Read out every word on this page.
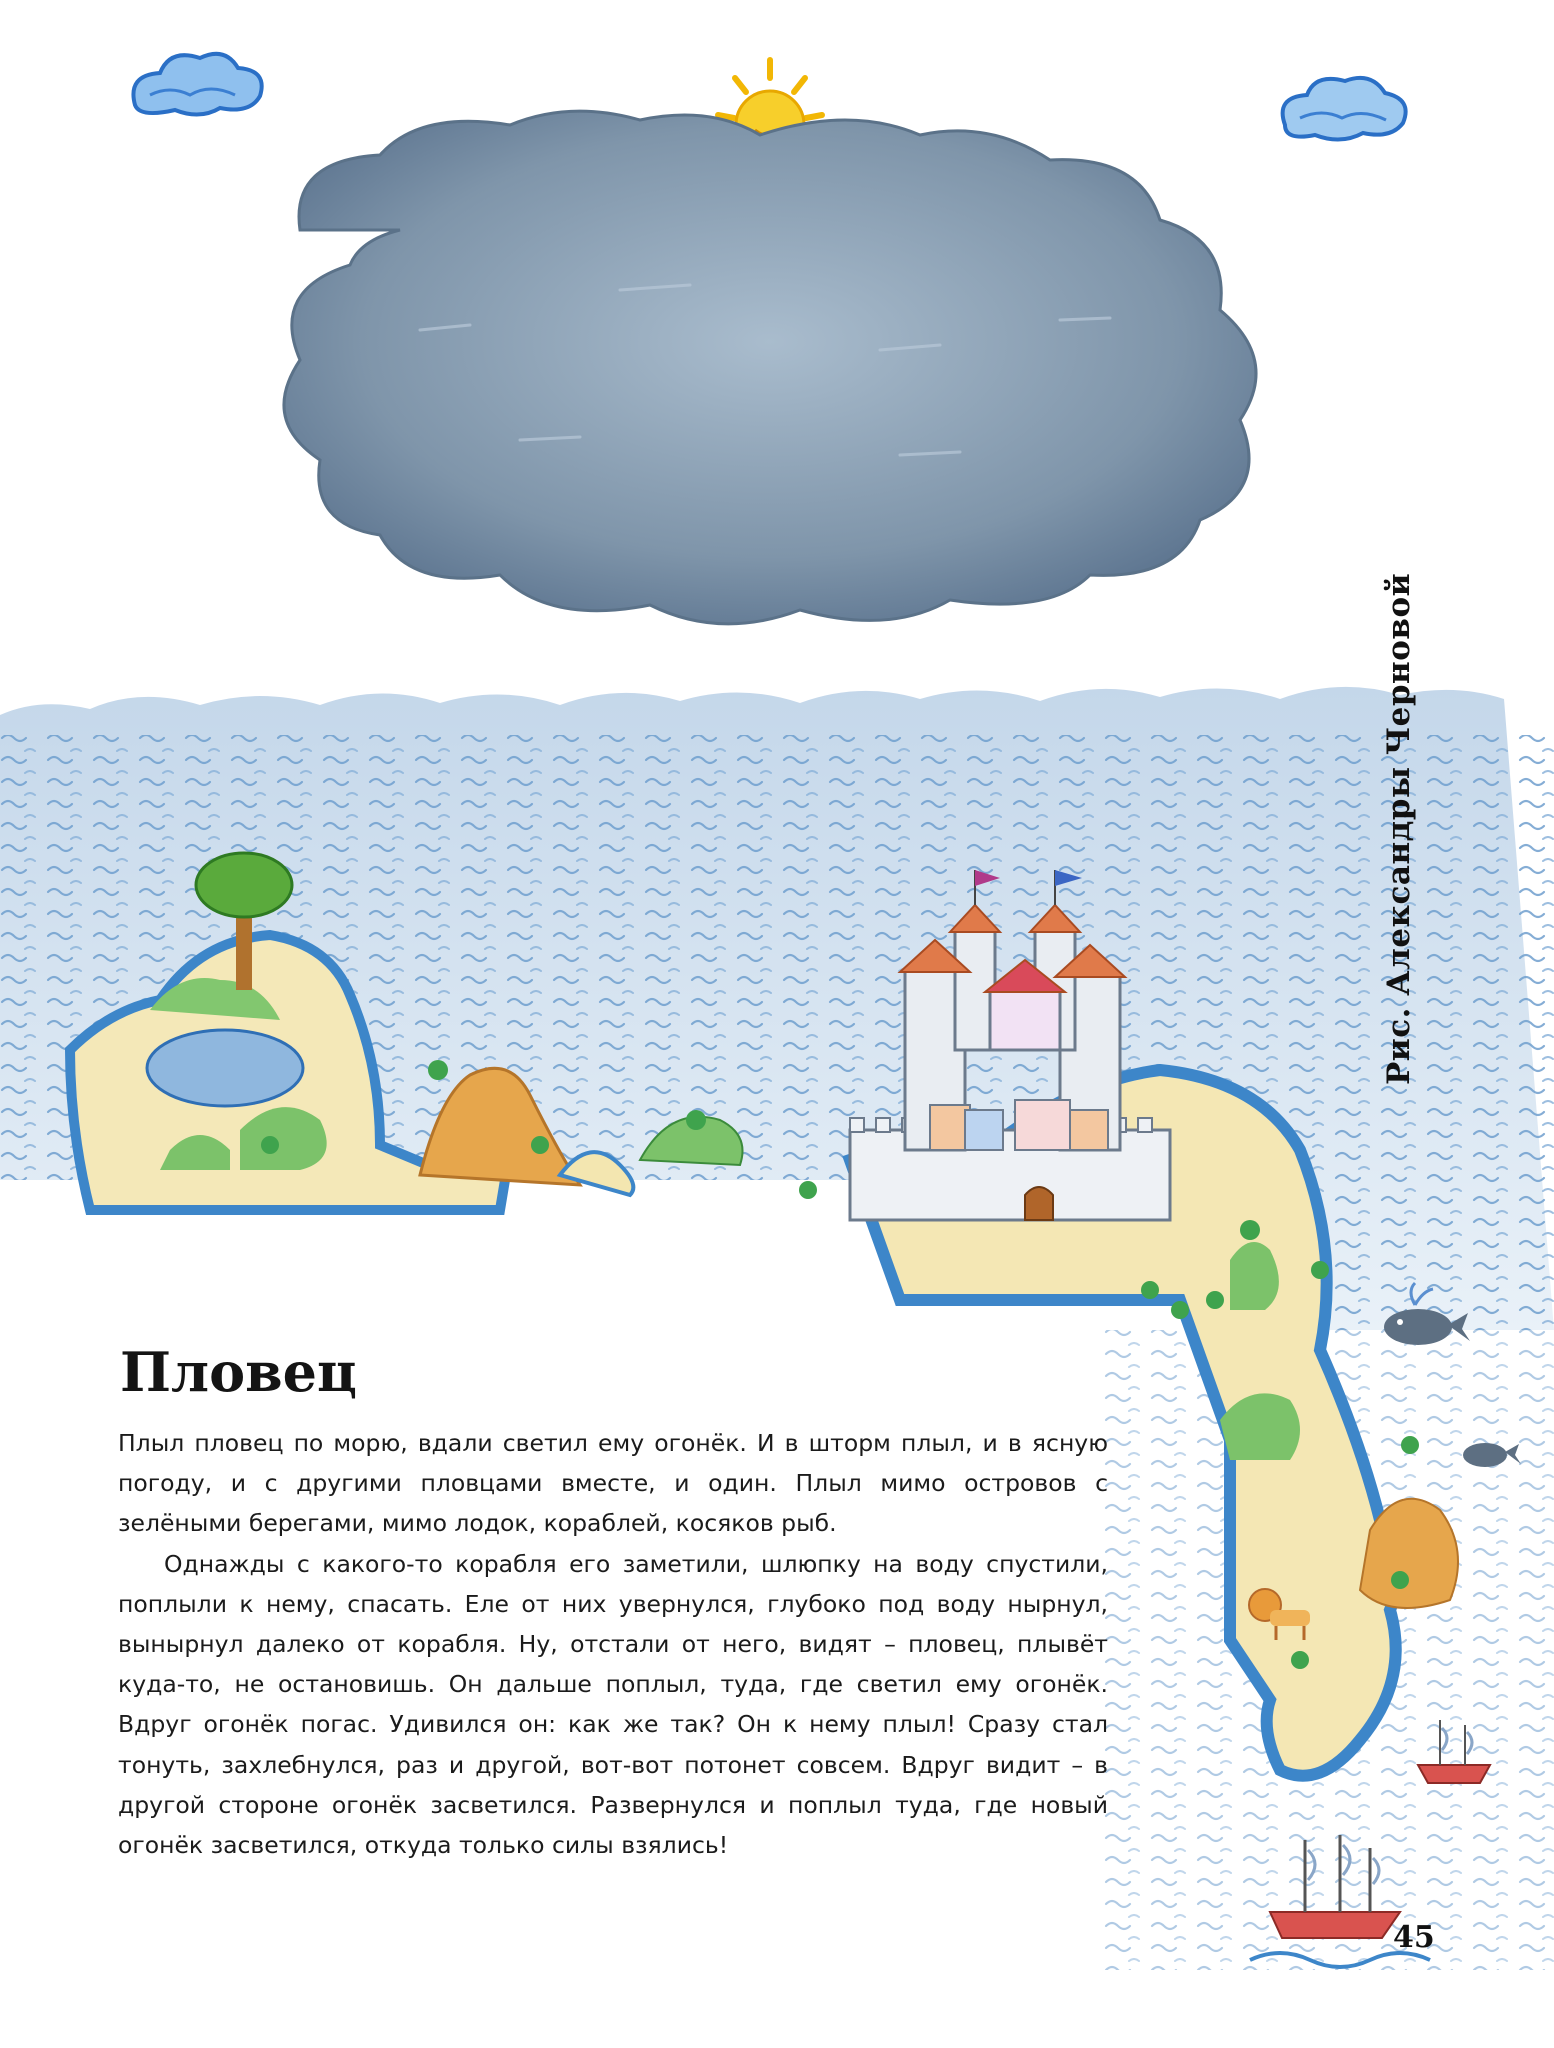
Рис. Александры Черновой
Пловец

Плыл пловец по морю, вдали светил ему огонёк. И в шторм плыл, и в ясную погоду, и с другими пловцами вместе, и один. Плыл мимо островов с зелёными берегами, мимо лодок, кораблей, косяков рыб.

Однажды с какого-то корабля его заметили, шлюпку на воду спустили, поплыли к нему, спасать. Еле от них увернулся, глубоко под воду нырнул, вынырнул далеко от корабля. Ну, отстали от него, видят – пловец, плывёт куда-то, не остановишь. Он дальше поплыл, туда, где светил ему огонёк. Вдруг огонёк погас. Удивился он: как же так? Он к нему плыл! Сразу стал тонуть, захлебнулся, раз и другой, вот-вот потонет совсем. Вдруг видит – в другой стороне огонёк засветился. Развернулся и поплыл туда, где новый огонёк засветился, откуда только силы взялись!

45
